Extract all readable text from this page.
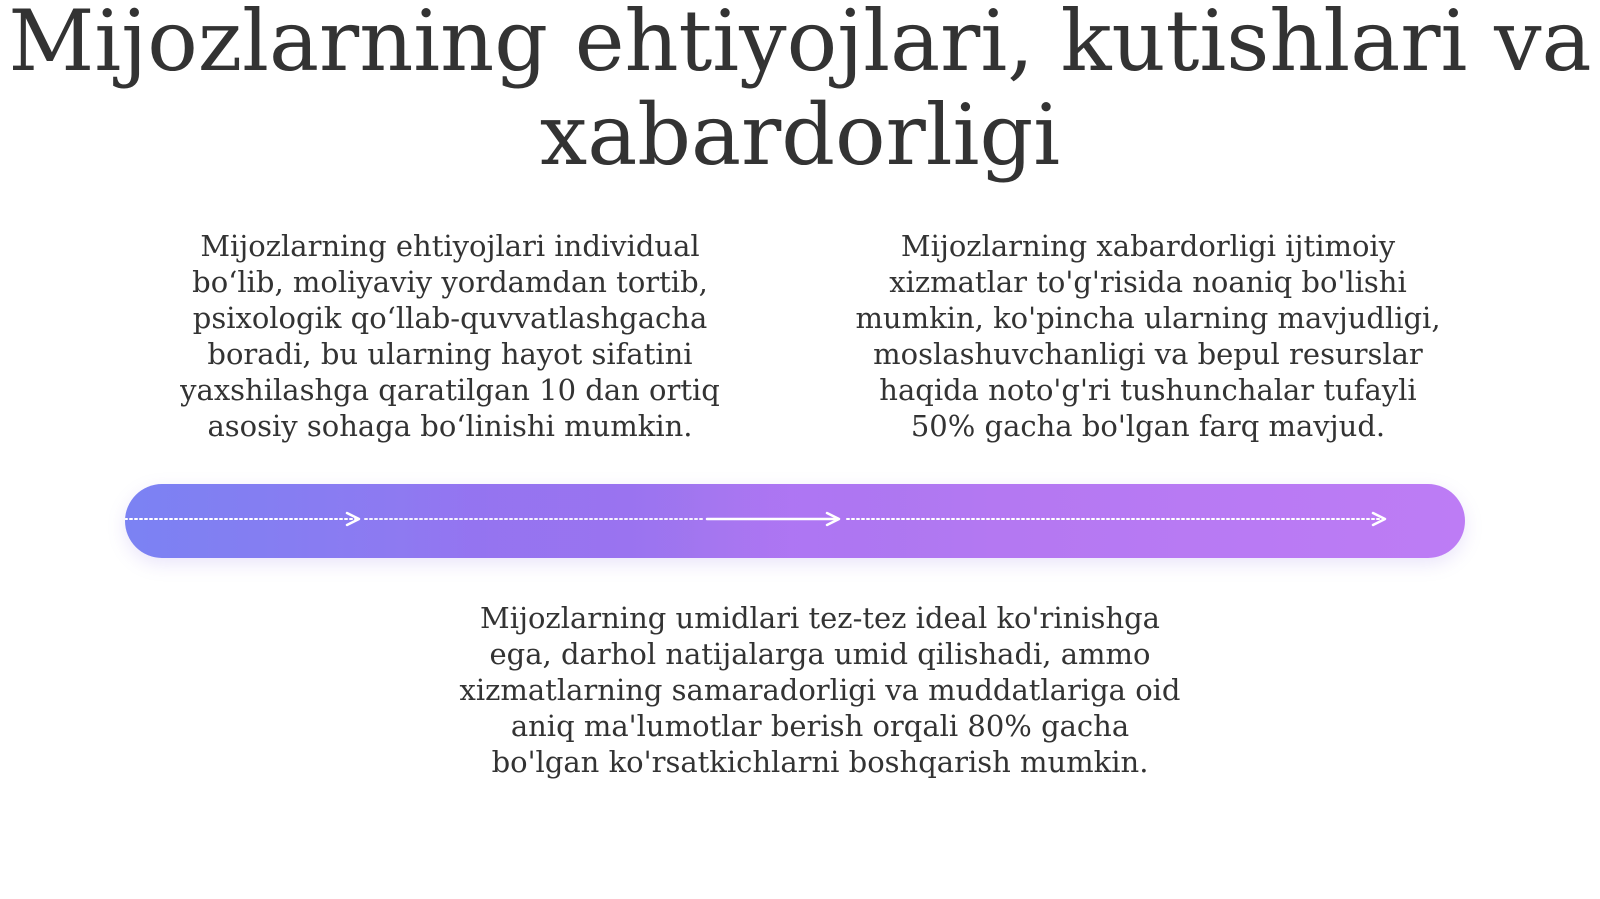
Mijozlarning ehtiyojlari, kutishlari va xabardorligi

Mijozlarning ehtiyojlari individual bo‘lib, moliyaviy yordamdan tortib, psixologik qo‘llab-quvvatlashgacha boradi, bu ularning hayot sifatini yaxshilashga qaratilgan 10 dan ortiq asosiy sohaga bo‘linishi mumkin.

Mijozlarning xabardorligi ijtimoiy xizmatlar to'g'risida noaniq bo'lishi mumkin, ko'pincha ularning mavjudligi, moslashuvchanligi va bepul resurslar haqida noto'g'ri tushunchalar tufayli 50% gacha bo'lgan farq mavjud.

Mijozlarning umidlari tez-tez ideal ko'rinishga ega, darhol natijalarga umid qilishadi, ammo xizmatlarning samaradorligi va muddatlariga oid aniq ma'lumotlar berish orqali 80% gacha bo'lgan ko'rsatkichlarni boshqarish mumkin.
